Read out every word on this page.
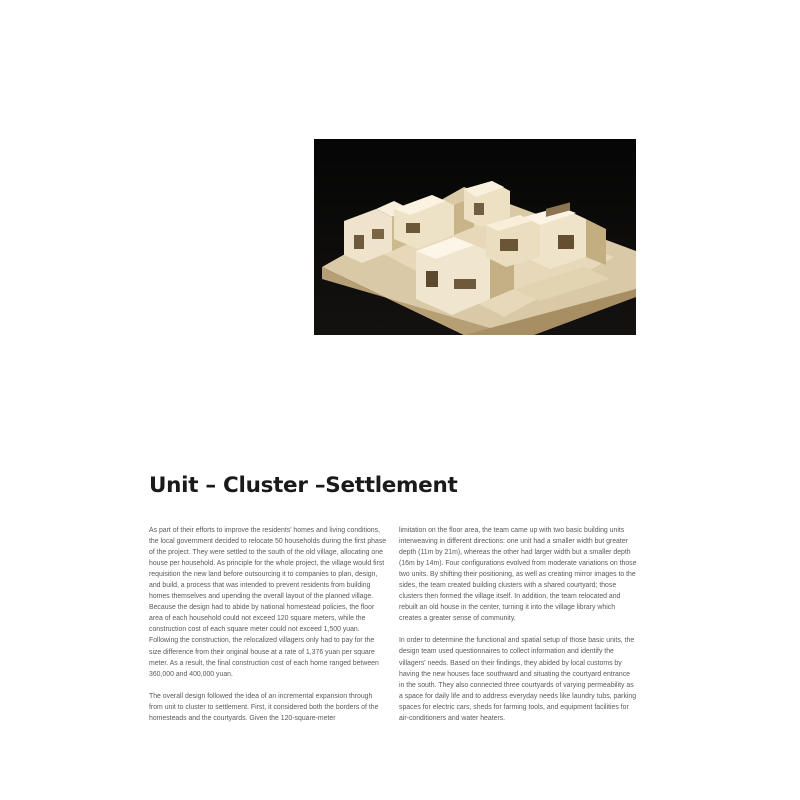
Unit – Cluster –Settlement

As part of their efforts to improve the residents' homes and living conditions, the local government decided to relocate 50 households during the first phase of the project. They were settled to the south of the old village, allocating one house per household. As principle for the whole project, the village would first requisition the new land before outsourcing it to companies to plan, design, and build, a process that was intended to prevent residents from building homes themselves and upending the overall layout of the planned village. Because the design had to abide by national homestead policies, the floor area of each household could not exceed 120 square meters, while the construction cost of each square meter could not exceed 1,500 yuan. Following the construction, the relocalized villagers only had to pay for the size difference from their original house at a rate of 1,376 yuan per square meter. As a result, the final construction cost of each home ranged between 360,000 and 400,000 yuan.

The overall design followed the idea of an incremental expansion through from unit to cluster to settlement. First, it considered both the borders of the homesteads and the courtyards. Given the 120-square-meter

limitation on the floor area, the team came up with two basic building units interweaving in different directions: one unit had a smaller width but greater depth (11m by 21m), whereas the other had larger width but a smaller depth (16m by 14m). Four configurations evolved from moderate variations on those two units. By shifting their positioning, as well as creating mirror images to the sides, the team created building clusters with a shared courtyard; those clusters then formed the village itself. In addition, the team relocated and rebuilt an old house in the center, turning it into the village library which creates a greater sense of community.

In order to determine the functional and spatial setup of those basic units, the design team used questionnaires to collect information and identify the villagers' needs. Based on their findings, they abided by local customs by having the new houses face southward and situating the courtyard entrance in the south. They also connected three courtyards of varying permeability as a space for daily life and to address everyday needs like laundry tubs, parking spaces for electric cars, sheds for farming tools, and equipment facilities for air-conditioners and water heaters.
